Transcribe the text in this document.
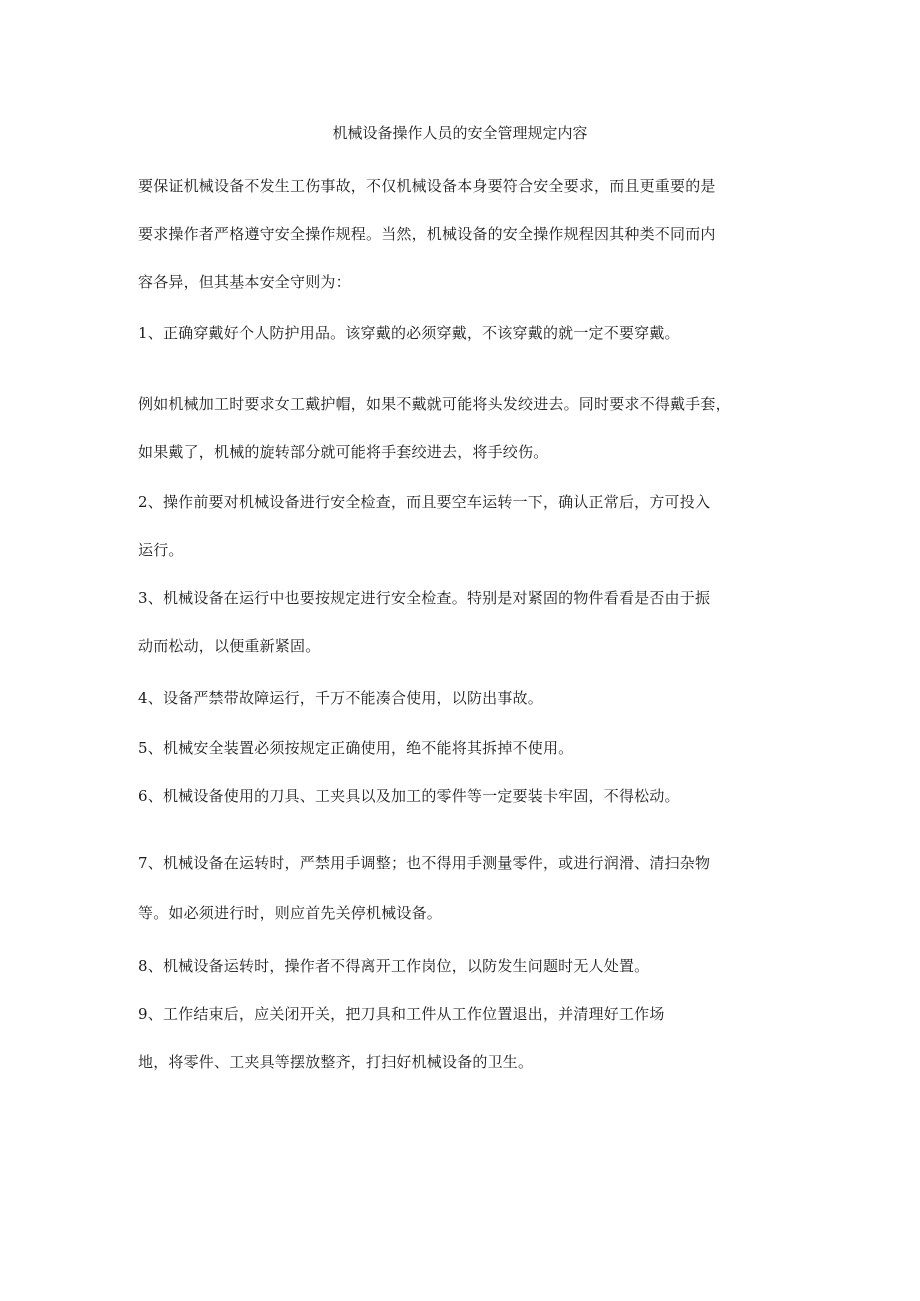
机械设备操作人员的安全管理规定内容
要保证机械设备不发生工伤事故，不仅机械设备本身要符合安全要求，而且更重要的是
要求操作者严格遵守安全操作规程。当然，机械设备的安全操作规程因其种类不同而内
容各异，但其基本安全守则为：
1、正确穿戴好个人防护用品。该穿戴的必须穿戴，不该穿戴的就一定不要穿戴。
例如机械加工时要求女工戴护帽，如果不戴就可能将头发绞进去。同时要求不得戴手套，
如果戴了，机械的旋转部分就可能将手套绞进去，将手绞伤。
2、操作前要对机械设备进行安全检查，而且要空车运转一下，确认正常后，方可投入
运行。
3、机械设备在运行中也要按规定进行安全检查。特别是对紧固的物件看看是否由于振
动而松动，以便重新紧固。
4、设备严禁带故障运行，千万不能凑合使用，以防出事故。
5、机械安全装置必须按规定正确使用，绝不能将其拆掉不使用。
6、机械设备使用的刀具、工夹具以及加工的零件等一定要装卡牢固，不得松动。
7、机械设备在运转时，严禁用手调整；也不得用手测量零件，或进行润滑、清扫杂物
等。如必须进行时，则应首先关停机械设备。
8、机械设备运转时，操作者不得离开工作岗位，以防发生问题时无人处置。
9、工作结束后，应关闭开关，把刀具和工件从工作位置退出，并清理好工作场
地，将零件、工夹具等摆放整齐，打扫好机械设备的卫生。
